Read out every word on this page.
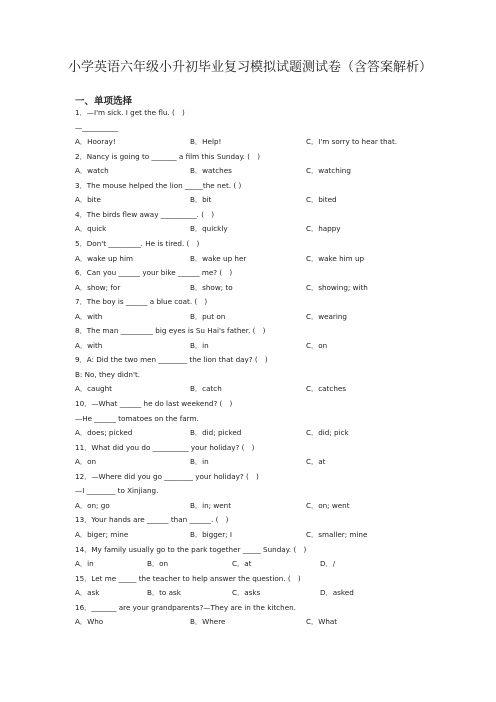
小学英语六年级小升初毕业复习模拟试题测试卷（含答案解析）
一、单项选择
1．—I'm sick. I get the flu. (　)
—__________
A．Hooray!	B．Help!	C．I'm sorry to hear that.
2．Nancy is going to _______ a film this Sunday. (　)
A．watch	B．watches	C．watching
3．The mouse helped the lion _____the net. ( )
A．bite	B．bit	C．bited
4．The birds flew away __________. (　)
A．quick	B．quickly	C．happy
5．Don't _________. He is tired. (　)
A．wake up him	B．wake up her	C．wake him up
6．Can you ______ your bike ______ me? (　)
A．show; for	B．show; to	C．showing; with
7．The boy is ______ a blue coat. (　)
A．with	B．put on	C．wearing
8．The man _________ big eyes is Su Hai's father. (　)
A．with	B．in	C．on
9．A: Did the two men ________ the lion that day? (　)
B: No, they didn't.
A．caught	B．catch	C．catches
10．—What ______ he do last weekend? (　)
—He ______ tomatoes on the farm.
A．does; picked	B．did; picked	C．did; pick
11．What did you do __________ your holiday? (　)
A．on	B．in	C．at
12．—Where did you go ________ your holiday? (　)
—I ________ to Xinjiang.
A．on; go	B．in; went	C．on; went
13．Your hands are ______ than ______. (　)
A．biger; mine	B．bigger; I	C．smaller; mine
14．My family usually go to the park together _____ Sunday. (　)
A．in	B．on	C．at	D．/
15．Let me _____ the teacher to help answer the question. (　)
A．ask	B．to ask	C．asks	D．asked
16．_______ are your grandparents?—They are in the kitchen.
A．Who	B．Where	C．What
